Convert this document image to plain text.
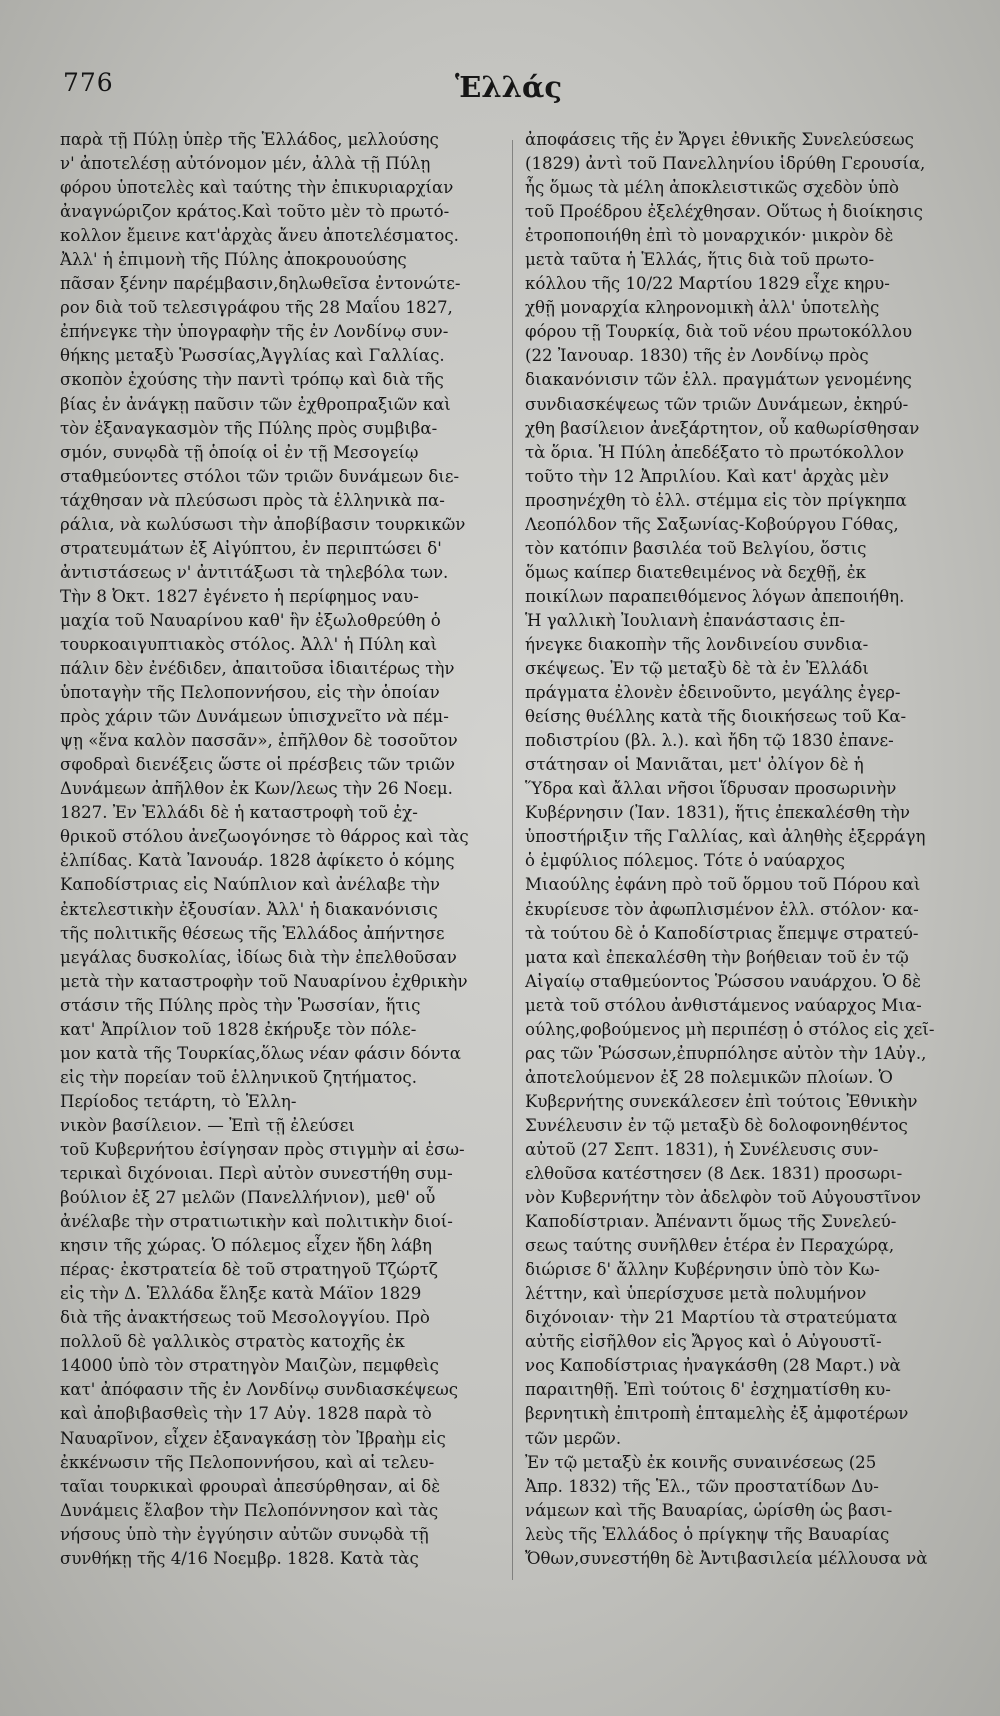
776	Ἑλλάς
παρὰ τῇ Πύλῃ ὑπὲρ τῆς Ἑλλάδος, μελλούσης
ν' ἀποτελέσῃ αὐτόνομον μέν, ἀλλὰ τῇ Πύλῃ
φόρου ὑποτελὲς καὶ ταύτης τὴν ἐπικυριαρχίαν
ἀναγνώριζον κράτος.Καὶ τοῦτο μὲν τὸ πρωτό-
κολλον ἔμεινε κατ'ἀρχὰς ἄνευ ἀποτελέσματος.
Ἀλλ' ἡ ἐπιμονὴ τῆς Πύλης ἀποκρουούσης
πᾶσαν ξένην παρέμβασιν,δηλωθεῖσα ἐντονώτε-
ρον διὰ τοῦ τελεσιγράφου τῆς 28 Μαΐου 1827,
ἐπήνεγκε τὴν ὑπογραφὴν τῆς ἐν Λονδίνῳ συν-
θήκης μεταξὺ Ῥωσσίας,Ἀγγλίας καὶ Γαλλίας.
σκοπὸν ἐχούσης τὴν παντὶ τρόπῳ καὶ διὰ τῆς
βίας ἐν ἀνάγκῃ παῦσιν τῶν ἐχθροπραξιῶν καὶ
τὸν ἐξαναγκασμὸν τῆς Πύλης πρὸς συμβιβα-
σμόν, συνῳδὰ τῇ ὁποίᾳ οἱ ἐν τῇ Μεσογείῳ
σταθμεύοντες στόλοι τῶν τριῶν δυνάμεων διε-
τάχθησαν νὰ πλεύσωσι πρὸς τὰ ἑλληνικὰ πα-
ράλια, νὰ κωλύσωσι τὴν ἀποβίβασιν τουρκικῶν
στρατευμάτων ἐξ Αἰγύπτου, ἐν περιπτώσει δ'
ἀντιστάσεως ν' ἀντιτάξωσι τὰ τηλεβόλα των.
Τὴν 8 Ὀκτ. 1827 ἐγένετο ἡ περίφημος ναυ-
μαχία τοῦ Ναυαρίνου καθ' ἣν ἐξωλοθρεύθη ὁ
τουρκοαιγυπτιακὸς στόλος. Ἀλλ' ἡ Πύλη καὶ
πάλιν δὲν ἐνέδιδεν, ἀπαιτοῦσα ἰδιαιτέρως τὴν
ὑποταγὴν τῆς Πελοποννήσου, εἰς τὴν ὁποίαν
πρὸς χάριν τῶν Δυνάμεων ὑπισχνεῖτο νὰ πέμ-
ψῃ «ἕνα καλὸν πασσᾶν», ἐπῆλθον δὲ τοσοῦτον
σφοδραὶ διενέξεις ὥστε οἱ πρέσβεις τῶν τριῶν
Δυνάμεων ἀπῆλθον ἐκ Κων/λεως τὴν 26 Νοεμ.
1827. Ἐν Ἑλλάδι δὲ ἡ καταστροφὴ τοῦ ἐχ-
θρικοῦ στόλου ἀνεζωογόνησε τὸ θάρρος καὶ τὰς
ἐλπίδας. Κατὰ Ἰανουάρ. 1828 ἀφίκετο ὁ κόμης
Καποδίστριας εἰς Ναύπλιον καὶ ἀνέλαβε τὴν
ἐκτελεστικὴν ἐξουσίαν. Ἀλλ' ἡ διακανόνισις
τῆς πολιτικῆς θέσεως τῆς Ἑλλάδος ἀπήντησε
μεγάλας δυσκολίας, ἰδίως διὰ τὴν ἐπελθοῦσαν
μετὰ τὴν καταστροφὴν τοῦ Ναυαρίνου ἐχθρικὴν
στάσιν τῆς Πύλης πρὸς τὴν Ῥωσσίαν, ἥτις
κατ' Ἀπρίλιον τοῦ 1828 ἐκήρυξε τὸν πόλε-
μον κατὰ τῆς Τουρκίας,ὅλως νέαν φάσιν δόντα
εἰς τὴν πορείαν τοῦ ἑλληνικοῦ ζητήματος.
Περίοδος τετάρτη, τὸ Ἑλλη-
νικὸν βασίλειον. — Ἐπὶ τῇ ἐλεύσει
τοῦ Κυβερνήτου ἐσίγησαν πρὸς στιγμὴν αἱ ἐσω-
τερικαὶ διχόνοιαι. Περὶ αὐτὸν συνεστήθη συμ-
βούλιον ἐξ 27 μελῶν (Πανελλήνιον), μεθ' οὗ
ἀνέλαβε τὴν στρατιωτικὴν καὶ πολιτικὴν διοί-
κησιν τῆς χώρας. Ὁ πόλεμος εἶχεν ἤδη λάβη
πέρας· ἐκστρατεία δὲ τοῦ στρατηγοῦ Τζώρτζ
εἰς τὴν Δ. Ἑλλάδα ἔληξε κατὰ Μάϊον 1829
διὰ τῆς ἀνακτήσεως τοῦ Μεσολογγίου. Πρὸ
πολλοῦ δὲ γαλλικὸς στρατὸς κατοχῆς ἐκ
14000 ὑπὸ τὸν στρατηγὸν Μαιζὼν, πεμφθεὶς
κατ' ἀπόφασιν τῆς ἐν Λονδίνῳ συνδιασκέψεως
καὶ ἀποβιβασθεὶς τὴν 17 Αὐγ. 1828 παρὰ τὸ
Ναυαρῖνον, εἶχεν ἐξαναγκάσῃ τὸν Ἰβραὴμ εἰς
ἐκκένωσιν τῆς Πελοποννήσου, καὶ αἱ τελευ-
ταῖαι τουρκικαὶ φρουραὶ ἀπεσύρθησαν, αἱ δὲ
Δυνάμεις ἔλαβον τὴν Πελοπόννησον καὶ τὰς
νήσους ὑπὸ τὴν ἐγγύησιν αὐτῶν συνῳδὰ τῇ
συνθήκῃ τῆς 4/16 Νοεμβρ. 1828. Κατὰ τὰς
ἀποφάσεις τῆς ἐν Ἄργει ἐθνικῆς Συνελεύσεως
(1829) ἀντὶ τοῦ Πανελληνίου ἱδρύθη Γερουσία,
ἧς ὅμως τὰ μέλη ἀποκλειστικῶς σχεδὸν ὑπὸ
τοῦ Προέδρου ἐξελέχθησαν. Οὕτως ἡ διοίκησις
ἐτροποποιήθη ἐπὶ τὸ μοναρχικόν· μικρὸν δὲ
μετὰ ταῦτα ἡ Ἑλλάς, ἥτις διὰ τοῦ πρωτο-
κόλλου τῆς 10/22 Μαρτίου 1829 εἶχε κηρυ-
χθῇ μοναρχία κληρονομικὴ ἀλλ' ὑποτελὴς
φόρου τῇ Τουρκίᾳ, διὰ τοῦ νέου πρωτοκόλλου
(22 Ἰανουαρ. 1830) τῆς ἐν Λονδίνῳ πρὸς
διακανόνισιν τῶν ἑλλ. πραγμάτων γενομένης
συνδιασκέψεως τῶν τριῶν Δυνάμεων, ἐκηρύ-
χθη βασίλειον ἀνεξάρτητον, οὗ καθωρίσθησαν
τὰ ὅρια. Ἡ Πύλη ἀπεδέξατο τὸ πρωτόκολλον
τοῦτο τὴν 12 Ἀπριλίου. Καὶ κατ' ἀρχὰς μὲν
προσηνέχθη τὸ ἑλλ. στέμμα εἰς τὸν πρίγκηπα
Λεοπόλδον τῆς Σαξωνίας-Κοβούργου Γόθας,
τὸν κατόπιν βασιλέα τοῦ Βελγίου, ὅστις
ὅμως καίπερ διατεθειμένος νὰ δεχθῇ, ἐκ
ποικίλων παραπειθόμενος λόγων ἀπεποιήθη.
Ἡ γαλλικὴ Ἰουλιανὴ ἐπανάστασις ἐπ-
ήνεγκε διακοπὴν τῆς λονδινείου συνδια-
σκέψεως. Ἐν τῷ μεταξὺ δὲ τὰ ἐν Ἑλλάδι
πράγματα ἐλονὲν ἐδεινοῦντο, μεγάλης ἐγερ-
θείσης θυέλλης κατὰ τῆς διοικήσεως τοῦ Κα-
ποδιστρίου (βλ. λ.). καὶ ἤδη τῷ 1830 ἐπανε-
στάτησαν οἱ Μανιᾶται, μετ' ὀλίγον δὲ ἡ
Ὕδρα καὶ ἄλλαι νῆσοι ἵδρυσαν προσωρινὴν
Κυβέρνησιν (Ἰαν. 1831), ἥτις ἐπεκαλέσθη τὴν
ὑποστήριξιν τῆς Γαλλίας, καὶ ἀληθὴς ἐξερράγη
ὁ ἐμφύλιος πόλεμος. Τότε ὁ ναύαρχος
Μιαούλης ἐφάνη πρὸ τοῦ ὅρμου τοῦ Πόρου καὶ
ἐκυρίευσε τὸν ἀφωπλισμένον ἑλλ. στόλον· κα-
τὰ τούτου δὲ ὁ Καποδίστριας ἔπεμψε στρατεύ-
ματα καὶ ἐπεκαλέσθη τὴν βοήθειαν τοῦ ἐν τῷ
Αἰγαίῳ σταθμεύοντος Ῥώσσου ναυάρχου. Ὁ δὲ
μετὰ τοῦ στόλου ἀνθιστάμενος ναύαρχος Μια-
ούλης,φοβούμενος μὴ περιπέσῃ ὁ στόλος εἰς χεῖ-
ρας τῶν Ῥώσσων,ἐπυρπόλησε αὐτὸν τὴν 1Αὐγ.,
ἀποτελούμενον ἐξ 28 πολεμικῶν πλοίων. Ὁ
Κυβερνήτης συνεκάλεσεν ἐπὶ τούτοις Ἐθνικὴν
Συνέλευσιν ἐν τῷ μεταξὺ δὲ δολοφονηθέντος
αὐτοῦ (27 Σεπτ. 1831), ἡ Συνέλευσις συν-
ελθοῦσα κατέστησεν (8 Δεκ. 1831) προσωρι-
νὸν Κυβερνήτην τὸν ἀδελφὸν τοῦ Αὐγουστῖνον
Καποδίστριαν. Ἀπέναντι ὅμως τῆς Συνελεύ-
σεως ταύτης συνῆλθεν ἑτέρα ἐν Περαχώρᾳ,
διώρισε δ' ἄλλην Κυβέρνησιν ὑπὸ τὸν Κω-
λέττην, καὶ ὑπερίσχυσε μετὰ πολυμήνον
διχόνοιαν· τὴν 21 Μαρτίου τὰ στρατεύματα
αὐτῆς εἰσῆλθον εἰς Ἄργος καὶ ὁ Αὐγουστῖ-
νος Καποδίστριας ἠναγκάσθη (28 Μαρτ.) νὰ
παραιτηθῇ. Ἐπὶ τούτοις δ' ἐσχηματίσθη κυ-
βερνητικὴ ἐπιτροπὴ ἑπταμελὴς ἐξ ἀμφοτέρων
τῶν μερῶν.
Ἐν τῷ μεταξὺ ἐκ κοινῆς συναινέσεως (25
Ἀπρ. 1832) τῆς Ἑλ., τῶν προστατίδων Δυ-
νάμεων καὶ τῆς Βαυαρίας, ὡρίσθη ὡς βασι-
λεὺς τῆς Ἑλλάδος ὁ πρίγκηψ τῆς Βαυαρίας
Ὄθων,συνεστήθη δὲ Ἀντιβασιλεία μέλλουσα νὰ
